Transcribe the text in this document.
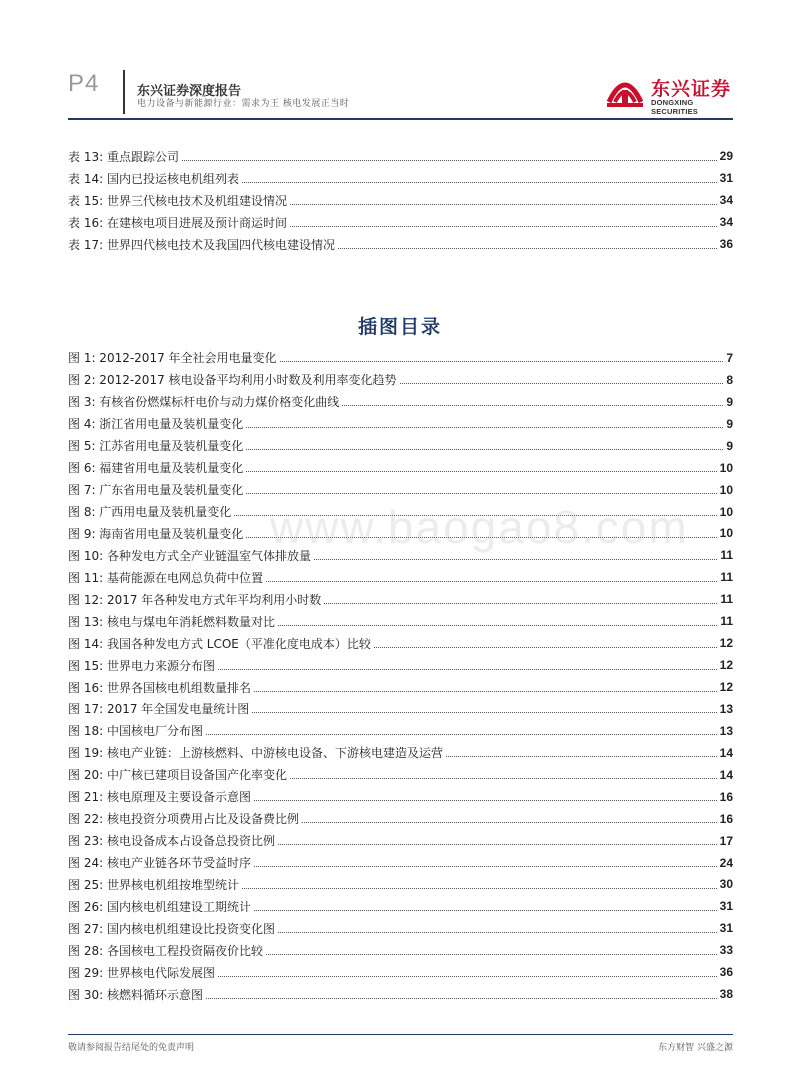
P4	东兴证券深度报告
电力设备与新能源行业：需求为王 核电发展正当时
东兴证券
DONGXING SECURITIES
表 13: 重点跟踪公司	29
表 14: 国内已投运核电机组列表	31
表 15: 世界三代核电技术及机组建设情况	34
表 16: 在建核电项目进展及预计商运时间	34
表 17: 世界四代核电技术及我国四代核电建设情况	36
插图目录
图 1: 2012-2017 年全社会用电量变化	7
图 2: 2012-2017 核电设备平均利用小时数及利用率变化趋势	8
图 3: 有核省份燃煤标杆电价与动力煤价格变化曲线	9
图 4: 浙江省用电量及装机量变化	9
图 5: 江苏省用电量及装机量变化	9
图 6: 福建省用电量及装机量变化	10
图 7: 广东省用电量及装机量变化	10
图 8: 广西用电量及装机量变化	10
图 9: 海南省用电量及装机量变化	10
图 10: 各种发电方式全产业链温室气体排放量	11
图 11: 基荷能源在电网总负荷中位置	11
图 12: 2017 年各种发电方式年平均利用小时数	11
图 13: 核电与煤电年消耗燃料数量对比	11
图 14: 我国各种发电方式 LCOE（平准化度电成本）比较	12
图 15: 世界电力来源分布图	12
图 16: 世界各国核电机组数量排名	12
图 17: 2017 年全国发电量统计图	13
图 18: 中国核电厂分布图	13
图 19: 核电产业链：上游核燃料、中游核电设备、下游核电建造及运营	14
图 20: 中广核已建项目设备国产化率变化	14
图 21: 核电原理及主要设备示意图	16
图 22: 核电投资分项费用占比及设备费比例	16
图 23: 核电设备成本占设备总投资比例	17
图 24: 核电产业链各环节受益时序	24
图 25: 世界核电机组按堆型统计	30
图 26: 国内核电机组建设工期统计	31
图 27: 国内核电机组建设比投资变化图	31
图 28: 各国核电工程投资隔夜价比较	33
图 29: 世界核电代际发展图	36
图 30: 核燃料循环示意图	38
www.baogao8.com
敬请参阅报告结尾处的免责声明	东方财智 兴盛之源
